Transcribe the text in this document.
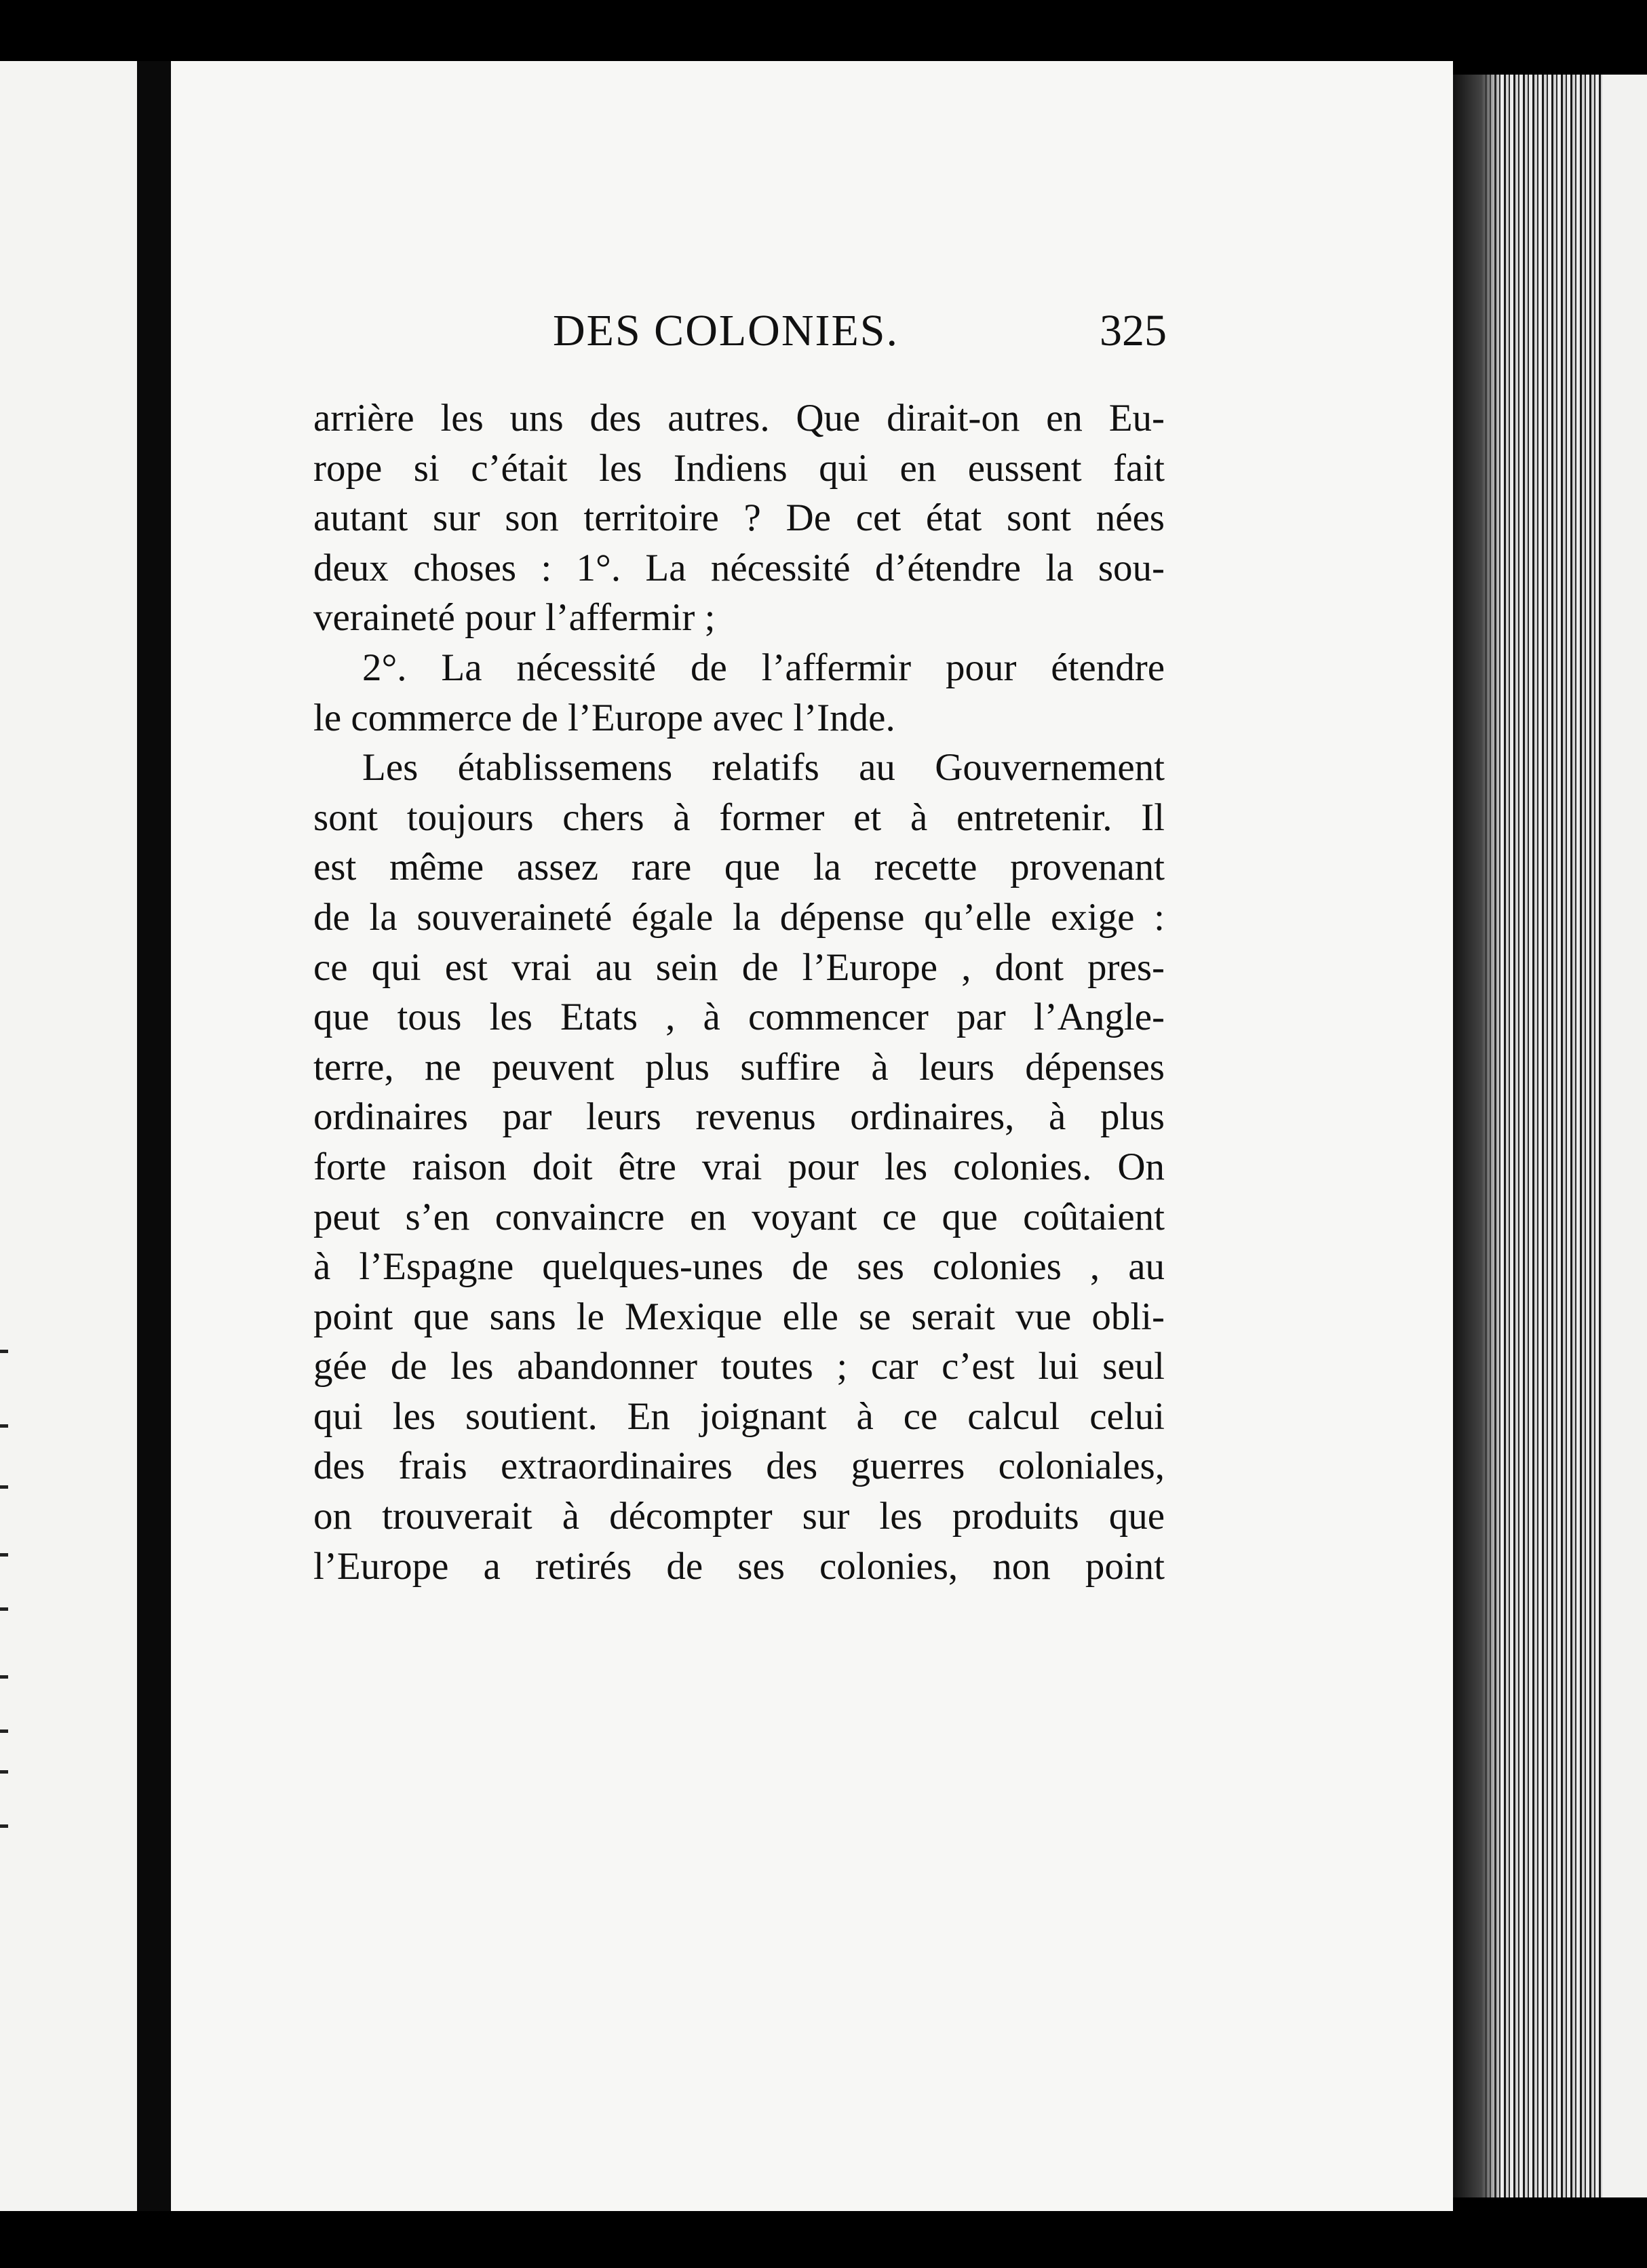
DES COLONIES.	325
arrière les uns des autres. Que dirait-on en Eu-
rope si c’était les Indiens qui en eussent fait
autant sur son territoire ? De cet état sont nées
deux choses : 1°. La nécessité d’étendre la sou-
veraineté pour l’affermir ;
2°. La nécessité de l’affermir pour étendre
le commerce de l’Europe avec l’Inde.
Les établissemens relatifs au Gouvernement
sont toujours chers à former et à entretenir. Il
est même assez rare que la recette provenant
de la souveraineté égale la dépense qu’elle exige :
ce qui est vrai au sein de l’Europe , dont pres-
que tous les Etats , à commencer par l’Angle-
terre, ne peuvent plus suffire à leurs dépenses
ordinaires par leurs revenus ordinaires, à plus
forte raison doit être vrai pour les colonies. On
peut s’en convaincre en voyant ce que coûtaient
à l’Espagne quelques-unes de ses colonies , au
point que sans le Mexique elle se serait vue obli-
gée de les abandonner toutes ; car c’est lui seul
qui les soutient. En joignant à ce calcul celui
des frais extraordinaires des guerres coloniales,
on trouverait à décompter sur les produits que
l’Europe a retirés de ses colonies, non point
